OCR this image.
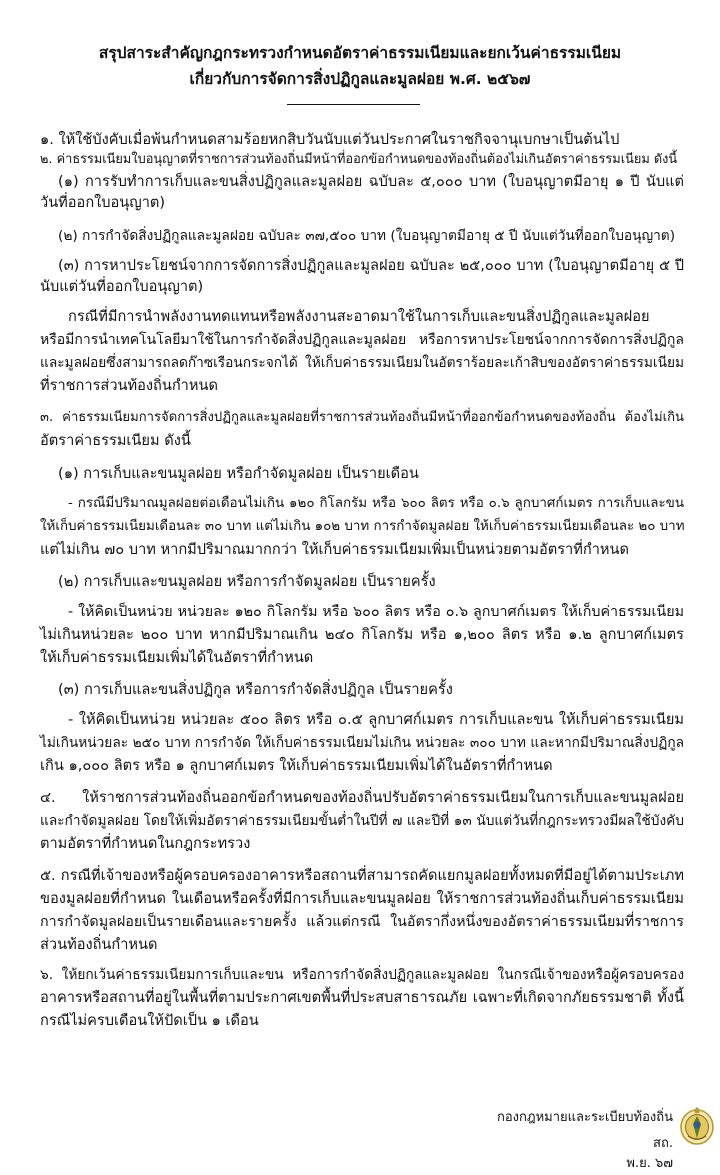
สรุปสาระสำคัญกฎกระทรวงกำหนดอัตราค่าธรรมเนียมและยกเว้นค่าธรรมเนียม
เกี่ยวกับการจัดการสิ่งปฏิกูลและมูลฝอย พ.ศ. ๒๕๖๗
๑. ให้ใช้บังคับเมื่อพ้นกำหนดสามร้อยหกสิบวันนับแต่วันประกาศในราชกิจจานุเบกษาเป็นต้นไป
๒. ค่าธรรมเนียมใบอนุญาตที่ราชการส่วนท้องถิ่นมีหน้าที่ออกข้อกำหนดของท้องถิ่นต้องไม่เกินอัตราค่าธรรมเนียม ดังนี้
(๑) การรับทำการเก็บและขนสิ่งปฏิกูลและมูลฝอย ฉบับละ ๕,๐๐๐ บาท (ใบอนุญาตมีอายุ ๑ ปี นับแต่
วันที่ออกใบอนุญาต)
(๒) การกำจัดสิ่งปฏิกูลและมูลฝอย ฉบับละ ๓๗,๕๐๐ บาท (ใบอนุญาตมีอายุ ๕ ปี นับแต่วันที่ออกใบอนุญาต)
(๓) การหาประโยชน์จากการจัดการสิ่งปฏิกูลและมูลฝอย ฉบับละ ๒๕,๐๐๐ บาท (ใบอนุญาตมีอายุ ๕ ปี
นับแต่วันที่ออกใบอนุญาต)
กรณีที่มีการนำพลังงานทดแทนหรือพลังงานสะอาดมาใช้ในการเก็บและขนสิ่งปฏิกูลและมูลฝอย
หรือมีการนำเทคโนโลยีมาใช้ในการกำจัดสิ่งปฏิกูลและมูลฝอย หรือการหาประโยชน์จากการจัดการสิ่งปฏิกูล
และมูลฝอยซึ่งสามารถลดก๊าซเรือนกระจกได้ ให้เก็บค่าธรรมเนียมในอัตราร้อยละเก้าสิบของอัตราค่าธรรมเนียม
ที่ราชการส่วนท้องถิ่นกำหนด
๓. ค่าธรรมเนียมการจัดการสิ่งปฏิกูลและมูลฝอยที่ราชการส่วนท้องถิ่นมีหน้าที่ออกข้อกำหนดของท้องถิ่น ต้องไม่เกิน
อัตราค่าธรรมเนียม ดังนี้
(๑) การเก็บและขนมูลฝอย หรือกำจัดมูลฝอย เป็นรายเดือน
- กรณีมีปริมาณมูลฝอยต่อเดือนไม่เกิน ๑๒๐ กิโลกรัม หรือ ๖๐๐ ลิตร หรือ ๐.๖ ลูกบาศก์เมตร การเก็บและขน
ให้เก็บค่าธรรมเนียมเดือนละ ๓๐ บาท แต่ไม่เกิน ๑๐๒ บาท การกำจัดมูลฝอย ให้เก็บค่าธรรมเนียมเดือนละ ๒๐ บาท
แต่ไม่เกิน ๗๐ บาท หากมีปริมาณมากกว่า ให้เก็บค่าธรรมเนียมเพิ่มเป็นหน่วยตามอัตราที่กำหนด
(๒) การเก็บและขนมูลฝอย หรือการกำจัดมูลฝอย เป็นรายครั้ง
- ให้คิดเป็นหน่วย หน่วยละ ๑๒๐ กิโลกรัม หรือ ๖๐๐ ลิตร หรือ ๐.๖ ลูกบาศก์เมตร ให้เก็บค่าธรรมเนียม
ไม่เกินหน่วยละ ๒๐๐ บาท หากมีปริมาณเกิน ๒๔๐ กิโลกรัม หรือ ๑,๒๐๐ ลิตร หรือ ๑.๒ ลูกบาศก์เมตร
ให้เก็บค่าธรรมเนียมเพิ่มได้ในอัตราที่กำหนด
(๓) การเก็บและขนสิ่งปฏิกูล หรือการกำจัดสิ่งปฏิกูล เป็นรายครั้ง
- ให้คิดเป็นหน่วย หน่วยละ ๕๐๐ ลิตร หรือ ๐.๕ ลูกบาศก์เมตร การเก็บและขน ให้เก็บค่าธรรมเนียม
ไม่เกินหน่วยละ ๒๕๐ บาท การกำจัด ให้เก็บค่าธรรมเนียมไม่เกิน หน่วยละ ๓๐๐ บาท และหากมีปริมาณสิ่งปฏิกูล
เกิน ๑,๐๐๐ ลิตร หรือ ๑ ลูกบาศก์เมตร ให้เก็บค่าธรรมเนียมเพิ่มได้ในอัตราที่กำหนด
๔. ให้ราชการส่วนท้องถิ่นออกข้อกำหนดของท้องถิ่นปรับอัตราค่าธรรมเนียมในการเก็บและขนมูลฝอย
และกำจัดมูลฝอย โดยให้เพิ่มอัตราค่าธรรมเนียมขั้นต่ำในปีที่ ๗ และปีที่ ๑๓ นับแต่วันที่กฎกระทรวงมีผลใช้บังคับ
ตามอัตราที่กำหนดในกฎกระทรวง
๕. กรณีที่เจ้าของหรือผู้ครอบครองอาคารหรือสถานที่สามารถคัดแยกมูลฝอยทั้งหมดที่มีอยู่ได้ตามประเภท
ของมูลฝอยที่กำหนด ในเดือนหรือครั้งที่มีการเก็บและขนมูลฝอย ให้ราชการส่วนท้องถิ่นเก็บค่าธรรมเนียม
การกำจัดมูลฝอยเป็นรายเดือนและรายครั้ง แล้วแต่กรณี ในอัตรากึ่งหนึ่งของอัตราค่าธรรมเนียมที่ราชการ
ส่วนท้องถิ่นกำหนด
๖. ให้ยกเว้นค่าธรรมเนียมการเก็บและขน หรือการกำจัดสิ่งปฏิกูลและมูลฝอย ในกรณีเจ้าของหรือผู้ครอบครอง
อาคารหรือสถานที่อยู่ในพื้นที่ตามประกาศเขตพื้นที่ประสบสาธารณภัย เฉพาะที่เกิดจากภัยธรรมชาติ ทั้งนี้
กรณีไม่ครบเดือนให้ปัดเป็น ๑ เดือน
กองกฎหมายและระเบียบท้องถิ่น
สถ.
พ.ย. ๖๗
